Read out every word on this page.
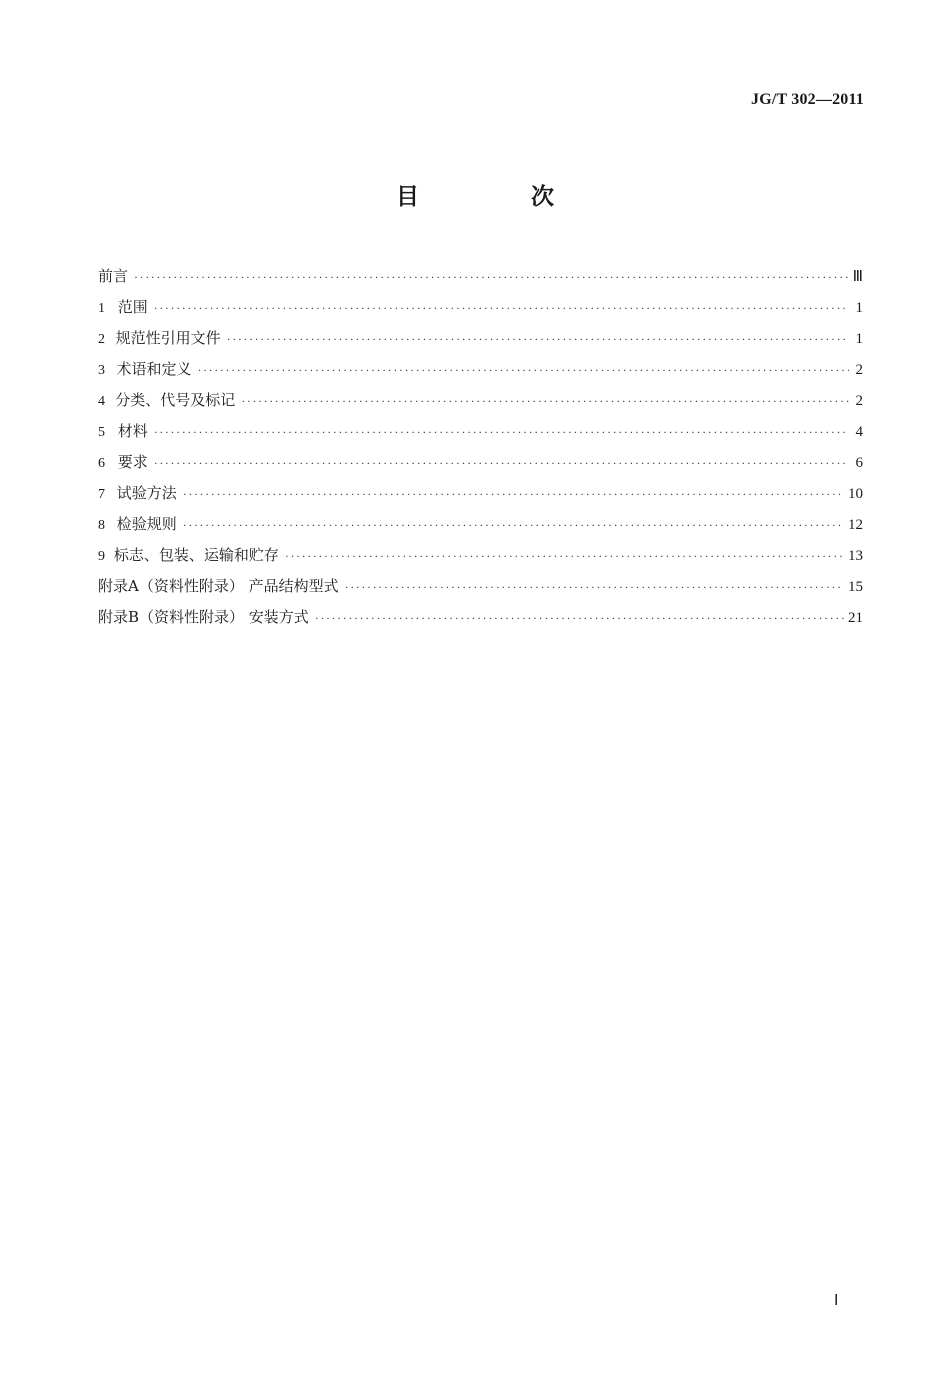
JG/T 302—2011
目 次
前言 ·····	Ⅲ
1 范围 ·····	1
2 规范性引用文件 ·····	1
3 术语和定义 ·····	2
4 分类、代号及标记 ·····	2
5 材料 ·····	4
6 要求 ·····	6
7 试验方法 ·····	10
8 检验规则 ·····	12
9 标志、包装、运输和贮存 ·····	13
附录A（资料性附录） 产品结构型式 ·····	15
附录B（资料性附录） 安装方式 ·····	21
Ⅰ
